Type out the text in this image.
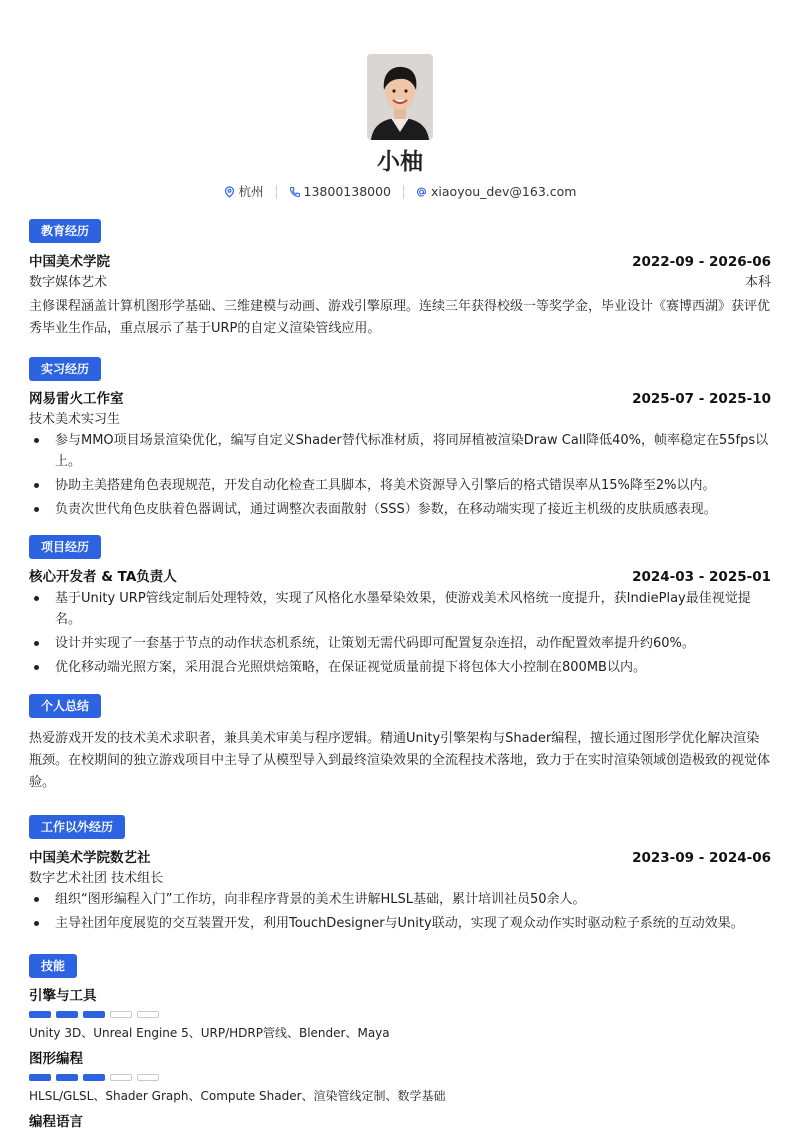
小柚
杭州	13800138000	xiaoyou_dev@163.com
教育经历
中国美术学院	2022-09 - 2026-06
数字媒体艺术	本科
主修课程涵盖计算机图形学基础、三维建模与动画、游戏引擎原理。连续三年获得校级一等奖学金，毕业设计《赛博西湖》获评优秀毕业生作品，重点展示了基于URP的自定义渲染管线应用。
实习经历
网易雷火工作室	2025-07 - 2025-10
技术美术实习生
参与MMO项目场景渲染优化，编写自定义Shader替代标准材质，将同屏植被渲染Draw Call降低40%，帧率稳定在55fps以上。
协助主美搭建角色表现规范，开发自动化检查工具脚本，将美术资源导入引擎后的格式错误率从15%降至2%以内。
负责次世代角色皮肤着色器调试，通过调整次表面散射（SSS）参数，在移动端实现了接近主机级的皮肤质感表现。
项目经历
核心开发者 & TA负责人	2024-03 - 2025-01
基于Unity URP管线定制后处理特效，实现了风格化水墨晕染效果，使游戏美术风格统一度提升，获IndiePlay最佳视觉提名。
设计并实现了一套基于节点的动作状态机系统，让策划无需代码即可配置复杂连招，动作配置效率提升约60%。
优化移动端光照方案，采用混合光照烘焙策略，在保证视觉质量前提下将包体大小控制在800MB以内。
个人总结
热爱游戏开发的技术美术求职者，兼具美术审美与程序逻辑。精通Unity引擎架构与Shader编程，擅长通过图形学优化解决渲染瓶颈。在校期间的独立游戏项目中主导了从模型导入到最终渲染效果的全流程技术落地，致力于在实时渲染领域创造极致的视觉体验。
工作以外经历
中国美术学院数艺社	2023-09 - 2024-06
数字艺术社团 技术组长
组织“图形编程入门”工作坊，向非程序背景的美术生讲解HLSL基础，累计培训社员50余人。
主导社团年度展览的交互装置开发，利用TouchDesigner与Unity联动，实现了观众动作实时驱动粒子系统的互动效果。
技能
引擎与工具
Unity 3D、Unreal Engine 5、URP/HDRP管线、Blender、Maya
图形编程
HLSL/GLSL、Shader Graph、Compute Shader、渲染管线定制、数学基础
编程语言
